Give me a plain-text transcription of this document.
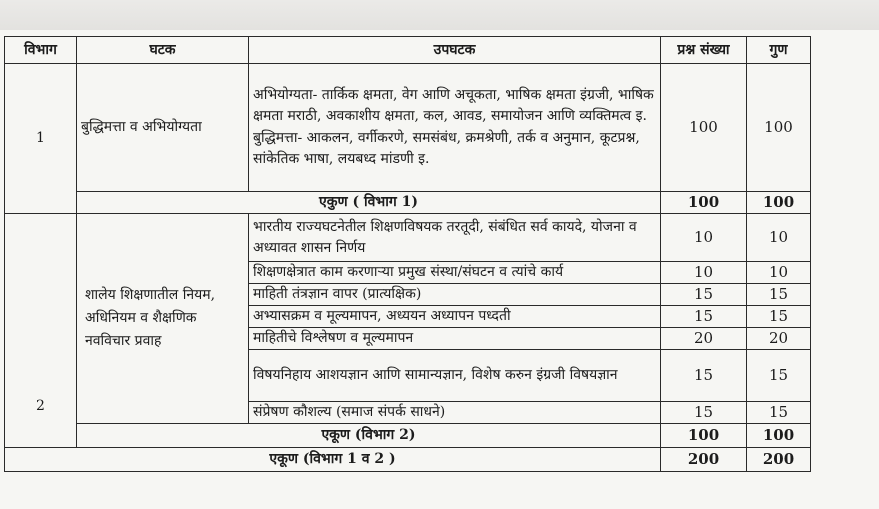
विभाग	घटक	उपघटक	प्रश्न संख्या	गुण
1	बुद्धिमत्ता व अभियोग्यता	अभियोग्यता- तार्किक क्षमता, वेग आणि अचूकता, भाषिक क्षमता इंग्रजी, भाषिक क्षमता मराठी, अवकाशीय क्षमता, कल, आवड, समायोजन आणि व्यक्तिमत्व इ. बुद्धिमत्ता- आकलन, वर्गीकरणे, समसंबंध, क्रमश्रेणी, तर्क व अनुमान, कूटप्रश्न, सांकेतिक भाषा, लयबध्द मांडणी इ.	100	100
	एकुण ( विभाग 1)		100	100
2	शालेय शिक्षणातील नियम, अधिनियम व शैक्षणिक नवविचार प्रवाह	भारतीय राज्यघटनेतील शिक्षणविषयक तरतूदी, संबंधित सर्व कायदे, योजना व अध्यावत शासन निर्णय	10	10
		शिक्षणक्षेत्रात काम करणाऱ्या प्रमुख संस्था/संघटन व त्यांचे कार्य	10	10
		माहिती तंत्रज्ञान वापर (प्रात्यक्षिक)	15	15
		अभ्यासक्रम व मूल्यमापन, अध्ययन अध्यापन पध्दती	15	15
		माहितीचे विश्लेषण व मूल्यमापन	20	20
		विषयनिहाय आशयज्ञान आणि सामान्यज्ञान, विशेष करुन इंग्रजी विषयज्ञान	15	15
		संप्रेषण कौशल्य (समाज संपर्क साधने)	15	15
	एकूण (विभाग 2)		100	100
एकूण (विभाग 1 व 2 )			200	200
